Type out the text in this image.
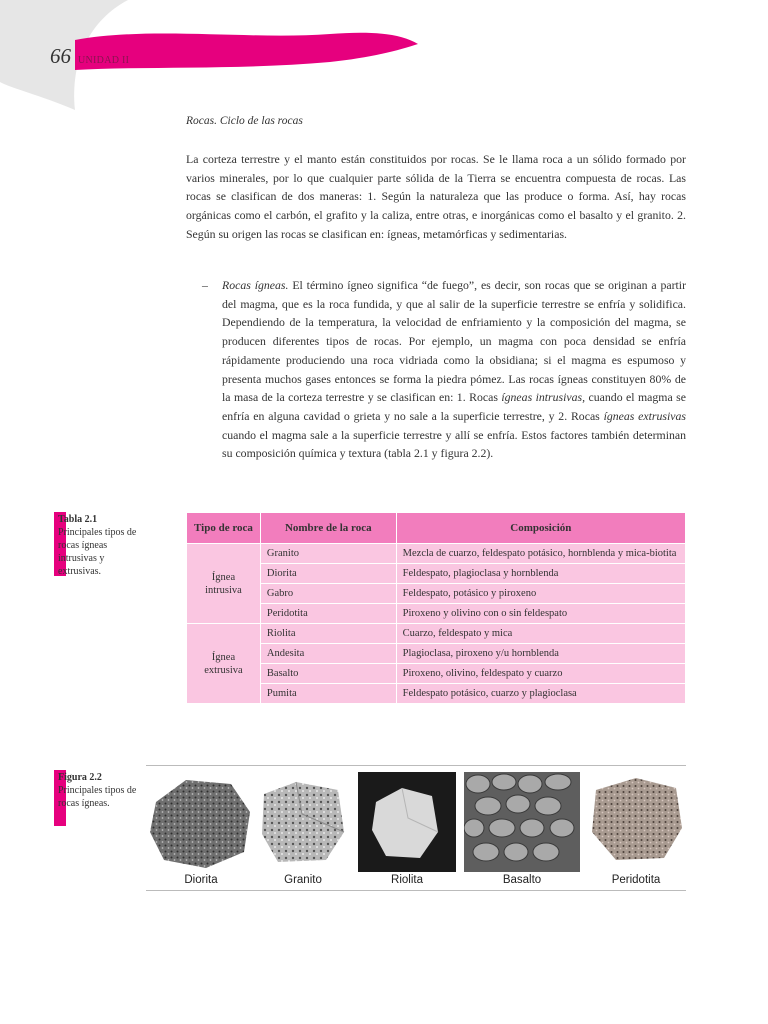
66 UNIDAD II
Rocas. Ciclo de las rocas
La corteza terrestre y el manto están constituidos por rocas. Se le llama roca a un sólido formado por varios minerales, por lo que cualquier parte sólida de la Tierra se encuentra compuesta de rocas. Las rocas se clasifican de dos maneras: 1. Según la naturaleza que las produce o forma. Así, hay rocas orgánicas como el carbón, el grafito y la caliza, entre otras, e inorgánicas como el basalto y el granito. 2. Según su origen las rocas se clasifican en: ígneas, metamórficas y sedimentarias.
– Rocas ígneas. El término ígneo significa “de fuego”, es decir, son rocas que se originan a partir del magma, que es la roca fundida, y que al salir de la superficie terrestre se enfría y solidifica. Dependiendo de la temperatura, la velocidad de enfriamiento y la composición del magma, se producen diferentes tipos de rocas. Por ejemplo, un magma con poca densidad se enfría rápidamente produciendo una roca vidriada como la obsidiana; si el magma es espumoso y presenta muchos gases entonces se forma la piedra pómez. Las rocas ígneas constituyen 80% de la masa de la corteza terrestre y se clasifican en: 1. Rocas ígneas intrusivas, cuando el magma se enfría en alguna cavidad o grieta y no sale a la superficie terrestre, y 2. Rocas ígneas extrusivas cuando el magma sale a la superficie terrestre y allí se enfría. Estos factores también determinan su composición química y textura (tabla 2.1 y figura 2.2).
Tabla 2.1
Principales tipos de rocas ígneas intrusivas y extrusivas.
Tipo de roca	Nombre de la roca	Composición
Ígnea intrusiva	Granito	Mezcla de cuarzo, feldespato potásico, hornblenda y mica-biotita
	Diorita	Feldespato, plagioclasa y hornblenda
	Gabro	Feldespato, potásico y piroxeno
	Peridotita	Piroxeno y olivino con o sin feldespato
Ígnea extrusiva	Riolita	Cuarzo, feldespato y mica
	Andesita	Plagioclasa, piroxeno y/u hornblenda
	Basalto	Piroxeno, olivino, feldespato y cuarzo
	Pumita	Feldespato potásico, cuarzo y plagioclasa
Figura 2.2
Principales tipos de rocas ígneas.
Diorita	Granito	Riolita	Basalto	Peridotita
